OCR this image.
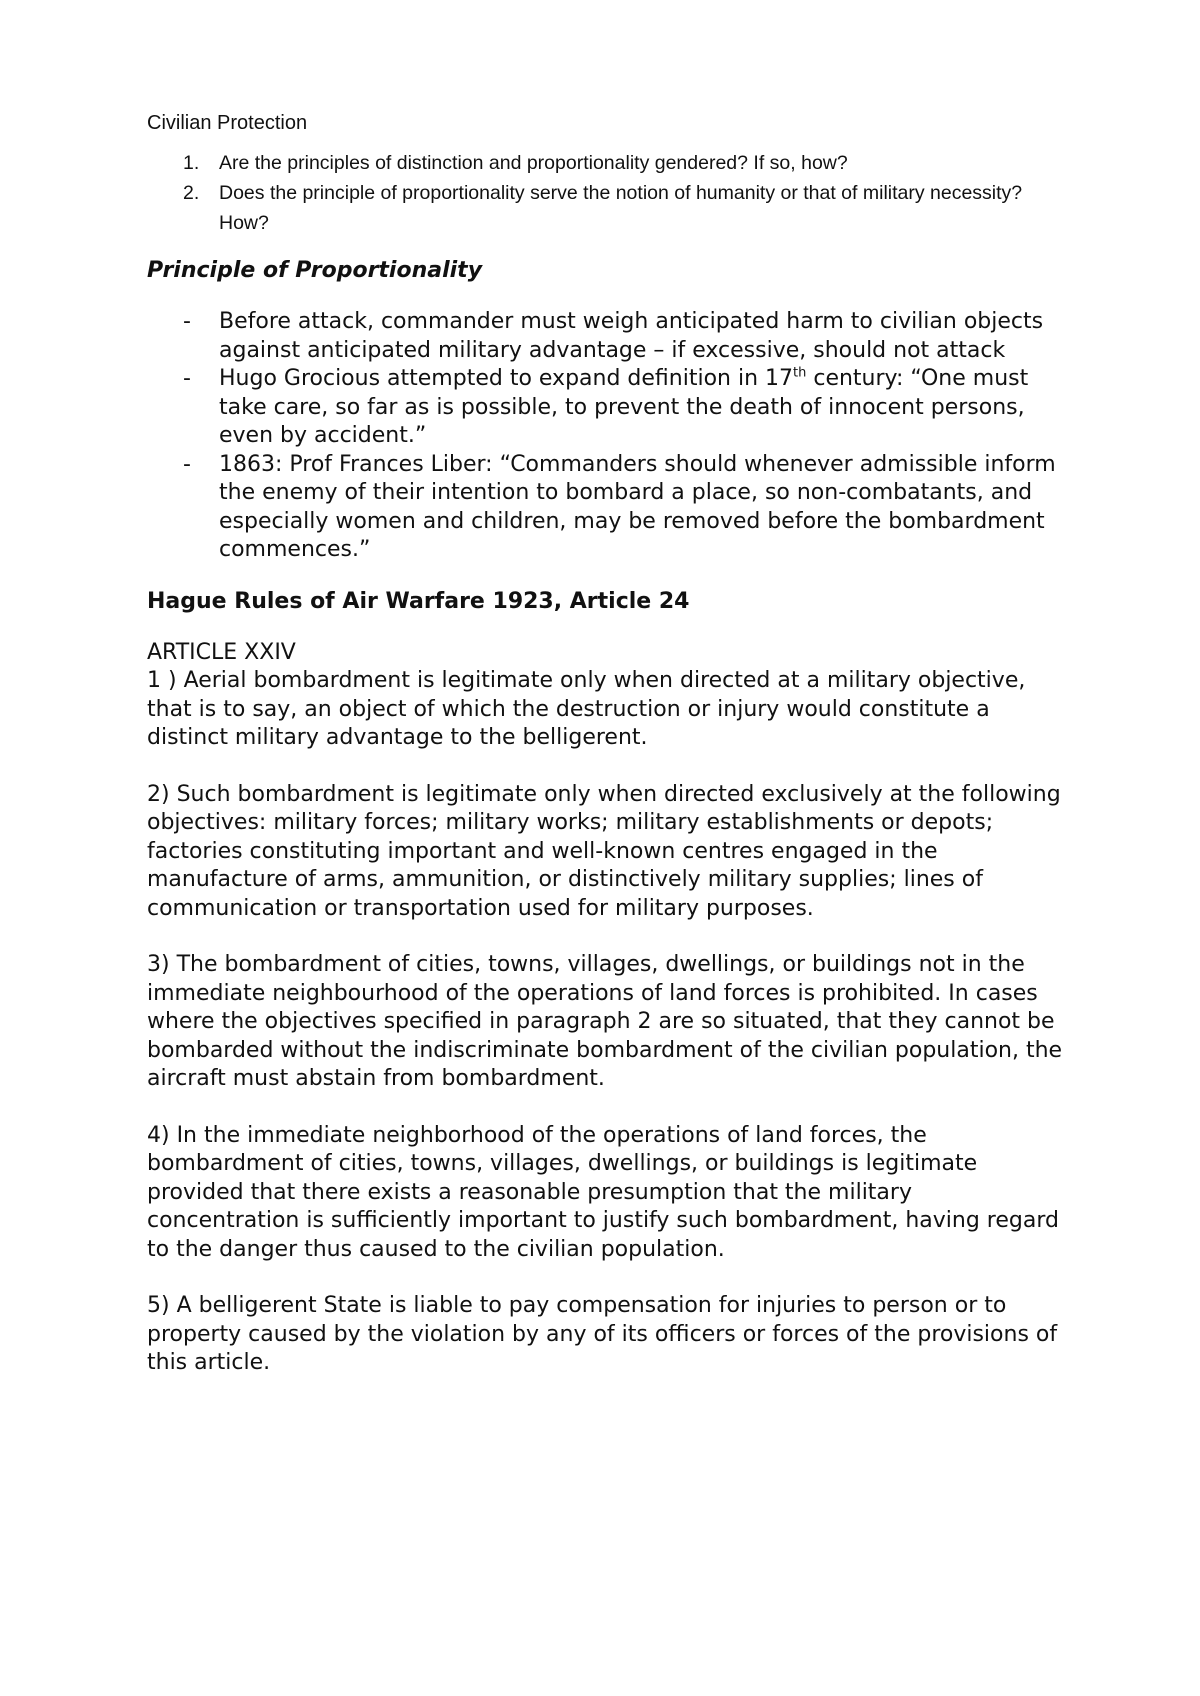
Civilian Protection
1. Are the principles of distinction and proportionality gendered? If so, how?
2. Does the principle of proportionality serve the notion of humanity or that of military necessity? How?
Principle of Proportionality
- Before attack, commander must weigh anticipated harm to civilian objects against anticipated military advantage – if excessive, should not attack
- Hugo Grocious attempted to expand definition in 17th century: “One must take care, so far as is possible, to prevent the death of innocent persons, even by accident.”
- 1863: Prof Frances Liber: “Commanders should whenever admissible inform the enemy of their intention to bombard a place, so non-combatants, and especially women and children, may be removed before the bombardment commences.”
Hague Rules of Air Warfare 1923, Article 24
ARTICLE XXIV

1 ) Aerial bombardment is legitimate only when directed at a military objective, that is to say, an object of which the destruction or injury would constitute a distinct military advantage to the belligerent.

2) Such bombardment is legitimate only when directed exclusively at the following objectives: military forces; military works; military establishments or depots; factories constituting important and well-known centres engaged in the manufacture of arms, ammunition, or distinctively military supplies; lines of communication or transportation used for military purposes.

3) The bombardment of cities, towns, villages, dwellings, or buildings not in the immediate neighbourhood of the operations of land forces is prohibited. In cases where the objectives specified in paragraph 2 are so situated, that they cannot be bombarded without the indiscriminate bombardment of the civilian population, the aircraft must abstain from bombardment.

4) In the immediate neighborhood of the operations of land forces, the bombardment of cities, towns, villages, dwellings, or buildings is legitimate provided that there exists a reasonable presumption that the military concentration is sufficiently important to justify such bombardment, having regard to the danger thus caused to the civilian population.

5) A belligerent State is liable to pay compensation for injuries to person or to property caused by the violation by any of its officers or forces of the provisions of this article.
